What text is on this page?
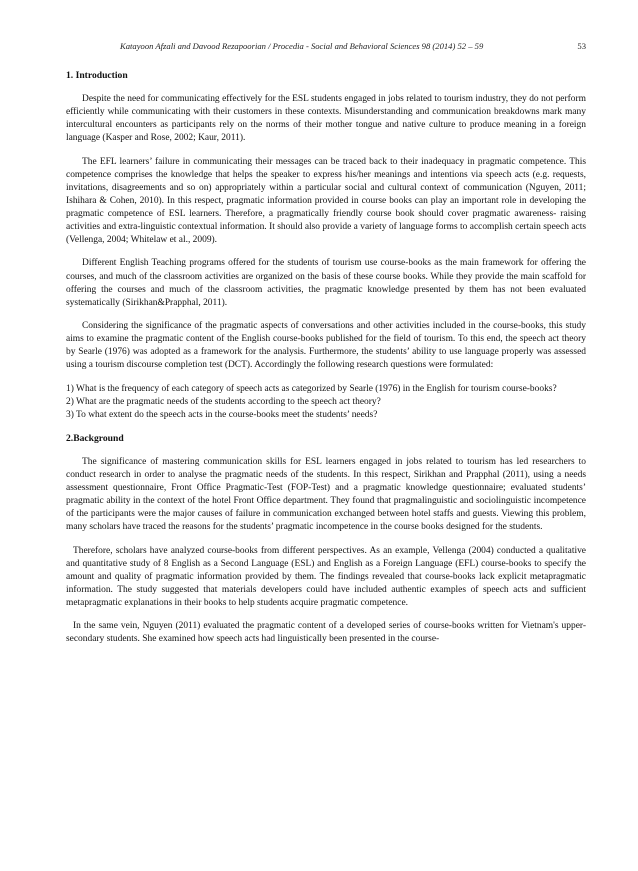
Katayoon Afzali and Davood Rezapoorian / Procedia - Social and Behavioral Sciences 98 (2014) 52 – 59	53
1. Introduction

Despite the need for communicating effectively for the ESL students engaged in jobs related to tourism industry, they do not perform efficiently while communicating with their customers in these contexts. Misunderstanding and communication breakdowns mark many intercultural encounters as participants rely on the norms of their mother tongue and native culture to produce meaning in a foreign language (Kasper and Rose, 2002; Kaur, 2011).

The EFL learners’ failure in communicating their messages can be traced back to their inadequacy in pragmatic competence. This competence comprises the knowledge that helps the speaker to express his/her meanings and intentions via speech acts (e.g. requests, invitations, disagreements and so on) appropriately within a particular social and cultural context of communication (Nguyen, 2011; Ishihara & Cohen, 2010). In this respect, pragmatic information provided in course books can play an important role in developing the pragmatic competence of ESL learners. Therefore, a pragmatically friendly course book should cover pragmatic awareness- raising activities and extra-linguistic contextual information. It should also provide a variety of language forms to accomplish certain speech acts (Vellenga, 2004; Whitelaw et al., 2009).

Different English Teaching programs offered for the students of tourism use course-books as the main framework for offering the courses, and much of the classroom activities are organized on the basis of these course books. While they provide the main scaffold for offering the courses and much of the classroom activities, the pragmatic knowledge presented by them has not been evaluated systematically (Sirikhan&Prapphal, 2011).

Considering the significance of the pragmatic aspects of conversations and other activities included in the course-books, this study aims to examine the pragmatic content of the English course-books published for the field of tourism. To this end, the speech act theory by Searle (1976) was adopted as a framework for the analysis. Furthermore, the students’ ability to use language properly was assessed using a tourism discourse completion test (DCT). Accordingly the following research questions were formulated:

1) What is the frequency of each category of speech acts as categorized by Searle (1976) in the English for tourism course-books?

2) What are the pragmatic needs of the students according to the speech act theory?

3) To what extent do the speech acts in the course-books meet the students’ needs?

2.Background

The significance of mastering communication skills for ESL learners engaged in jobs related to tourism has led researchers to conduct research in order to analyse the pragmatic needs of the students. In this respect, Sirikhan and Prapphal (2011), using a needs assessment questionnaire, Front Office Pragmatic-Test (FOP-Test) and a pragmatic knowledge questionnaire; evaluated students’ pragmatic ability in the context of the hotel Front Office department. They found that pragmalinguistic and sociolinguistic incompetence of the participants were the major causes of failure in communication exchanged between hotel staffs and guests. Viewing this problem, many scholars have traced the reasons for the students’ pragmatic incompetence in the course books designed for the students.

Therefore, scholars have analyzed course-books from different perspectives. As an example, Vellenga (2004) conducted a qualitative and quantitative study of 8 English as a Second Language (ESL) and English as a Foreign Language (EFL) course-books to specify the amount and quality of pragmatic information provided by them. The findings revealed that course-books lack explicit metapragmatic information. The study suggested that materials developers could have included authentic examples of speech acts and sufficient metapragmatic explanations in their books to help students acquire pragmatic competence.

In the same vein, Nguyen (2011) evaluated the pragmatic content of a developed series of course-books written for Vietnam's upper-secondary students. She examined how speech acts had linguistically been presented in the course-
